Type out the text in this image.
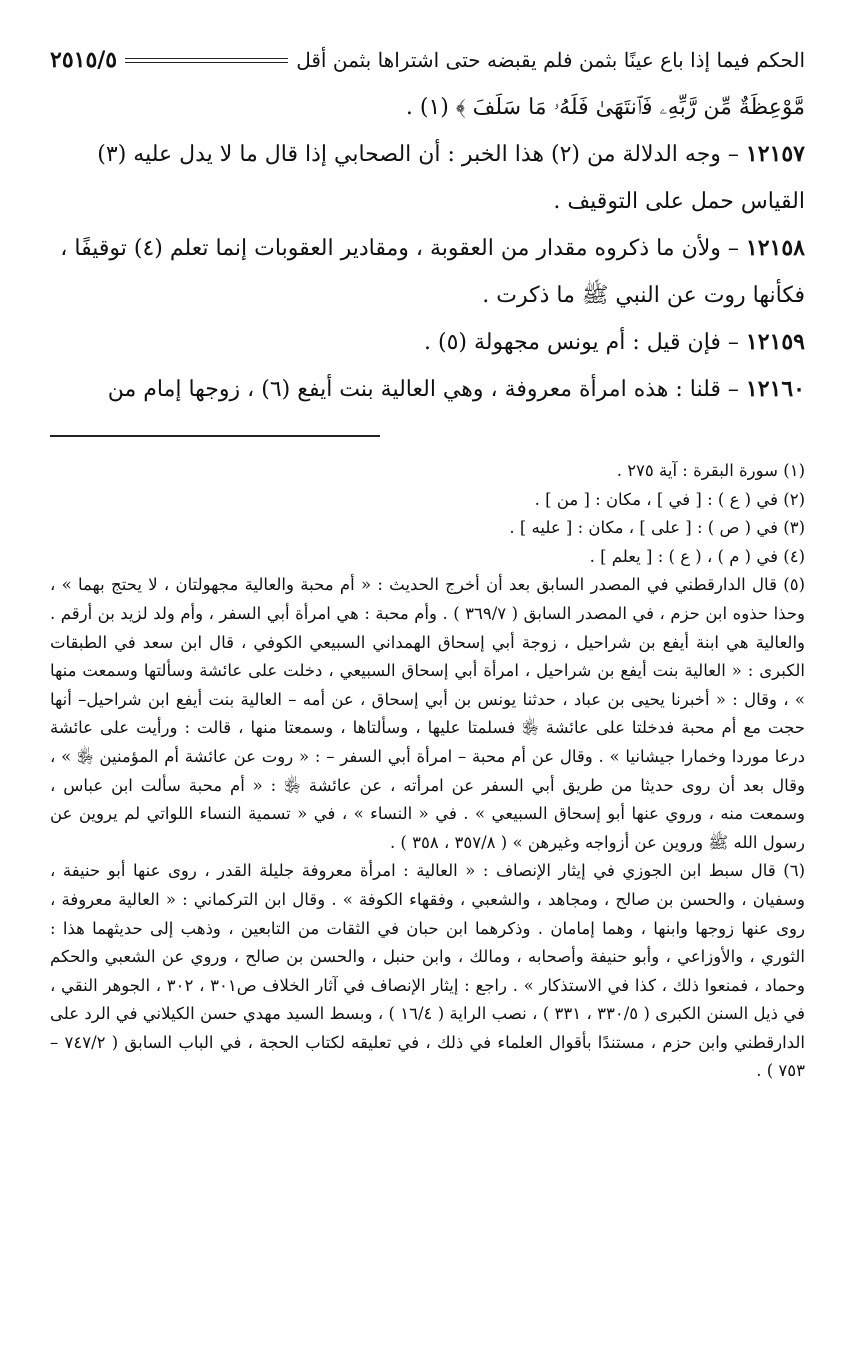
الحكم فيما إذا باع عينًا بثمن فلم يقبضه حتى اشتراها بثمن أقل
٢٥١٥/٥

مَّوْعِظَةٌ مِّن رَّبِّهِۦ فَٱنتَهَىٰ فَلَهُۥ مَا سَلَفَ ﴾ (١) .

١٢١٥٧ – وجه الدلالة من (٢) هذا الخبر : أن الصحابي إذا قال ما لا يدل عليه (٣) القياس حمل على التوقيف .

١٢١٥٨ – ولأن ما ذكروه مقدار من العقوبة ، ومقادير العقوبات إنما تعلم (٤) توقيفًا ، فكأنها روت عن النبي ﷺ ما ذكرت .

١٢١٥٩ – فإن قيل : أم يونس مجهولة (٥) .

١٢١٦٠ – قلنا : هذه امرأة معروفة ، وهي العالية بنت أيفع (٦) ، زوجها إمام من

(١) سورة البقرة : آية ٢٧٥ .

(٢) في ( ع ) : [ في ] ، مكان : [ من ] .

(٣) في ( ص ) : [ على ] ، مكان : [ عليه ] .

(٤) في ( م ) ، ( ع ) : [ يعلم ] .

(٥) قال الدارقطني في المصدر السابق بعد أن أخرج الحديث : « أم محبة والعالية مجهولتان ، لا يحتج بهما » ، وحذا حذوه ابن حزم ، في المصدر السابق ( ٣٦٩/٧ ) . وأم محبة : هي امرأة أبي السفر ، وأم ولد لزيد بن أرقم . والعالية هي ابنة أيفع بن شراحيل ، زوجة أبي إسحاق الهمداني السبيعي الكوفي ، قال ابن سعد في الطبقات الكبرى : « العالية بنت أيفع بن شراحيل ، امرأة أبي إسحاق السبيعي ، دخلت على عائشة وسألتها وسمعت منها » ، وقال : « أخبرنا يحيى بن عباد ، حدثنا يونس بن أبي إسحاق ، عن أمه – العالية بنت أيفع ابن شراحيل– أنها حجت مع أم محبة فدخلتا على عائشة ﵂ فسلمتا عليها ، وسألتاها ، وسمعتا منها ، قالت : ورأيت على عائشة درعا موردا وخمارا جيشانيا » . وقال عن أم محبة – امرأة أبي السفر – : « روت عن عائشة أم المؤمنين ﵂ » ، وقال بعد أن روى حديثا من طريق أبي السفر عن امرأته ، عن عائشة ﵂ : « أم محبة سألت ابن عباس ، وسمعت منه ، وروي عنها أبو إسحاق السبيعي » . في « النساء » ، في « تسمية النساء اللواتي لم يروين عن رسول الله ﷺ وروين عن أزواجه وغيرهن » ( ٣٥٧/٨ ، ٣٥٨ ) .

(٦) قال سبط ابن الجوزي في إيثار الإنصاف : « العالية : امرأة معروفة جليلة القدر ، روى عنها أبو حنيفة ، وسفيان ، والحسن بن صالح ، ومجاهد ، والشعبي ، وفقهاء الكوفة » . وقال ابن التركماني : « العالية معروفة ، روى عنها زوجها وابنها ، وهما إمامان . وذكرهما ابن حبان في الثقات من التابعين ، وذهب إلى حديثهما هذا : الثوري ، والأوزاعي ، وأبو حنيفة وأصحابه ، ومالك ، وابن حنبل ، والحسن بن صالح ، وروي عن الشعبي والحكم وحماد ، فمنعوا ذلك ، كذا في الاستذكار » . راجع : إيثار الإنصاف في آثار الخلاف ص٣٠١ ، ٣٠٢ ، الجوهر النقي ، في ذيل السنن الكبرى ( ٣٣٠/٥ ، ٣٣١ ) ، نصب الراية ( ١٦/٤ ) ، وبسط السيد مهدي حسن الكيلاني في الرد على الدارقطني وابن حزم ، مستندًا بأقوال العلماء في ذلك ، في تعليقه لكتاب الحجة ، في الباب السابق ( ٧٤٧/٢ – ٧٥٣ ) .
